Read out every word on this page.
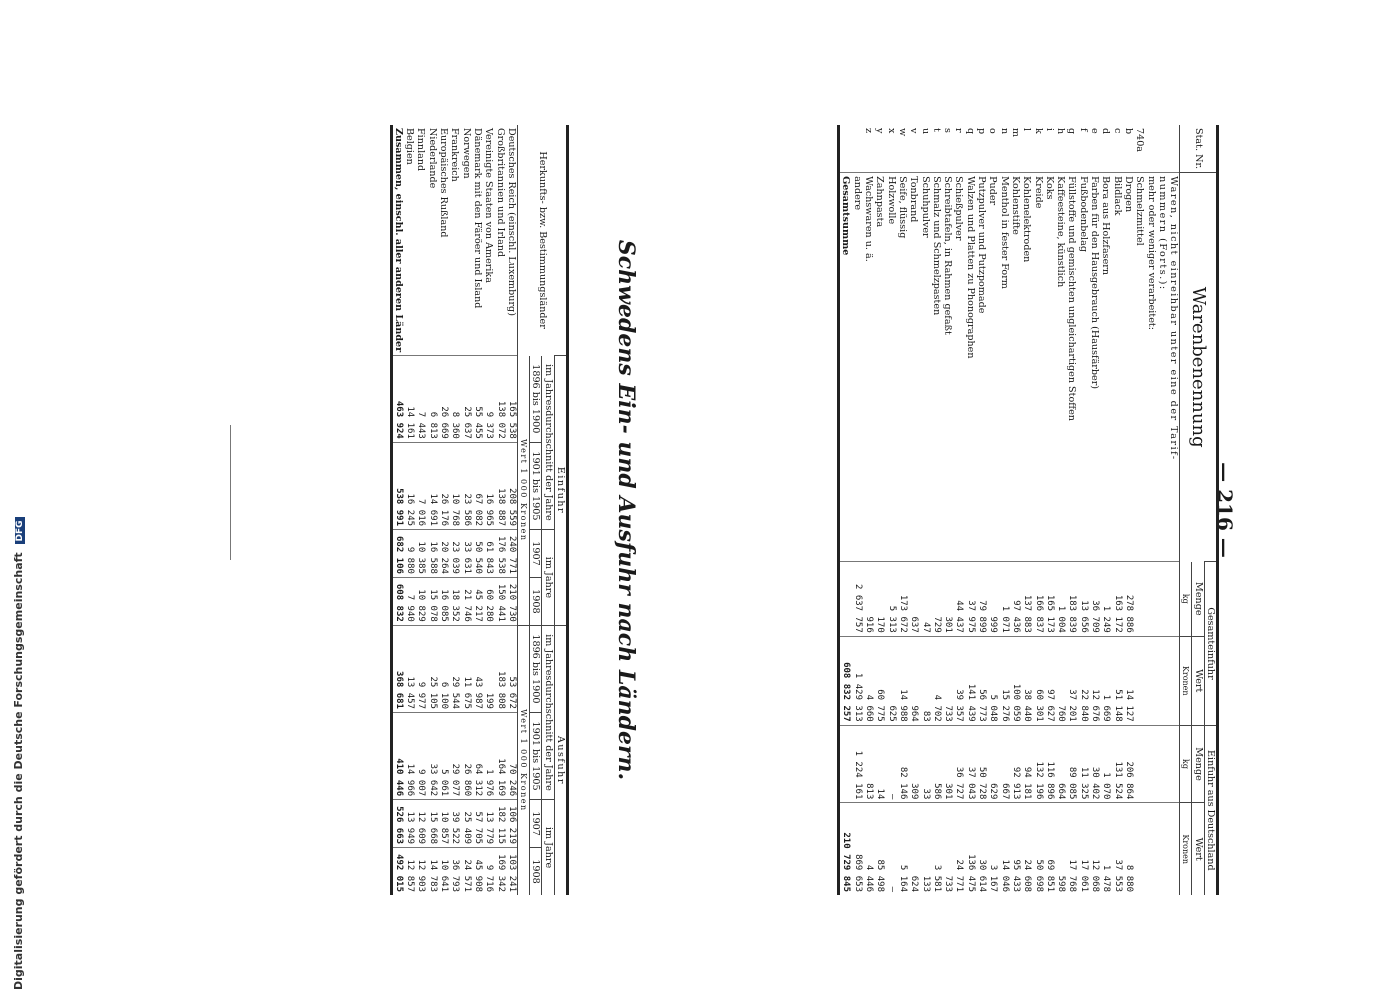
— 216 —
Stat. Nr.	Warenbenennung	Gesamteinfuhr		Einfuhr aus Deutschland	
		Menge	Wert	Menge	Wert
		kg	Kronen	kg	Kronen
	Waren, nicht einreihbar unter eine der Tarif-				
	nummern (Forts.):				
	mehr oder weniger verarbeitet:				
740a	Schmelzmittel				
b	Drogen	278 886	14 127	206 864	8 880
c	Bildlack	163 172	51 148	131 524	37 553
d	Bora aus Holzfasern	1 249	1 669	1 070	1 478
e	Farben für den Hausgebrauch (Hausfärber)	36 709	12 676	30 402	12 068
f	Fußbodenbelag	13 656	22 840	11 325	17 061
g	Füllstoffe und gemischten ungleichartigen Stoffen	183 839	37 201	89 085	17 768
h	Kaffeesteine, künstlich	1 004	760	664	598
i	Koks	165 173	97 627	116 896	69 851
k	Kreide	166 837	60 301	132 196	50 698
l	Kohlenelektroden	137 883	38 440	94 181	24 608
m	Kohlenstifte	97 436	100 059	92 913	95 433
n	Menthol in fester Form	1 071	15 276	667	14 046
o	Puder	999	5 048	629	3 167
p	Putzpulver und Putzpomade	79 899	56 773	50 728	30 614
q	Walzen und Platten zu Phonographen	37 975	141 439	37 043	136 475
r	Schießpulver	44 437	39 357	36 727	24 771
s	Schreibtafeln, in Rahmen gefaßt	301	733	301	733
t	Schmalz und Schmelzpasten	729	4 702	586	3 581
u	Schuhpulver	47	83	33	133
v	Tonbrand	637	964	309	624
w	Seife, flüssig	173 672	14 988	82 146	5 164
x	Holzwolle	5 313	625	—	—
y	Zahnpasta	170	60 775	14	85 498
z	Wachswaren u. ä.	916	4 660	813	4 446
	andere	2 637 757	1 429 313	1 224 161	869 653
	Gesamtsumme		608 832 257		210 729 845
Schwedens Ein- und Ausfuhr nach Ländern.
Herkunfts- bzw. Bestimmungsländer	Einfuhr				Ausfuhr			
	im Jahresdurchschnitt der Jahre		im Jahre		im Jahresdurchschnitt der Jahre		im Jahre	
	1896 bis 1900	1901 bis 1905	1907	1908	1896 bis 1900	1901 bis 1905	1907	1908
	Wert 1 000 Kronen				Wert 1 000 Kronen			
Deutsches Reich (einschl. Luxemburg)	165 538	208 559	240 771	210 730	53 672	70 246	106 219	103 241
Großbritannien und Irland	138 072	138 887	176 538	150 441	183 808	164 169	182 115	169 342
Vereinigte Staaten von Amerika	9 373	16 965	61 843	60 280	199	1 976	13 779	9 716
Dänemark mit den Färöer und Island	55 455	67 082	50 540	45 217	43 987	64 312	57 705	45 908
Norwegen	25 637	23 586	33 631	21 746	11 675	26 860	25 409	24 571
Frankreich	8 360	10 768	23 039	18 352	29 544	29 077	39 522	36 793
Europäisches Rußland	26 669	26 176	20 264	16 085	6 100	5 061	10 857	10 641
Niederlande	6 813	14 691	16 588	15 078	25 105	33 642	15 668	14 783
Finnland	7 443	7 016	10 385	10 829	9 977	9 007	12 609	12 903
Belgien	14 161	16 245	9 880	7 940	13 457	14 966	13 949	12 857
Zusammen, einschl. aller anderen Länder	463 924	538 991	682 106	608 832	368 681	410 446	526 663	492 015
Digitalisierung gefördert durch die Deutsche Forschungsgemeinschaft DFG
